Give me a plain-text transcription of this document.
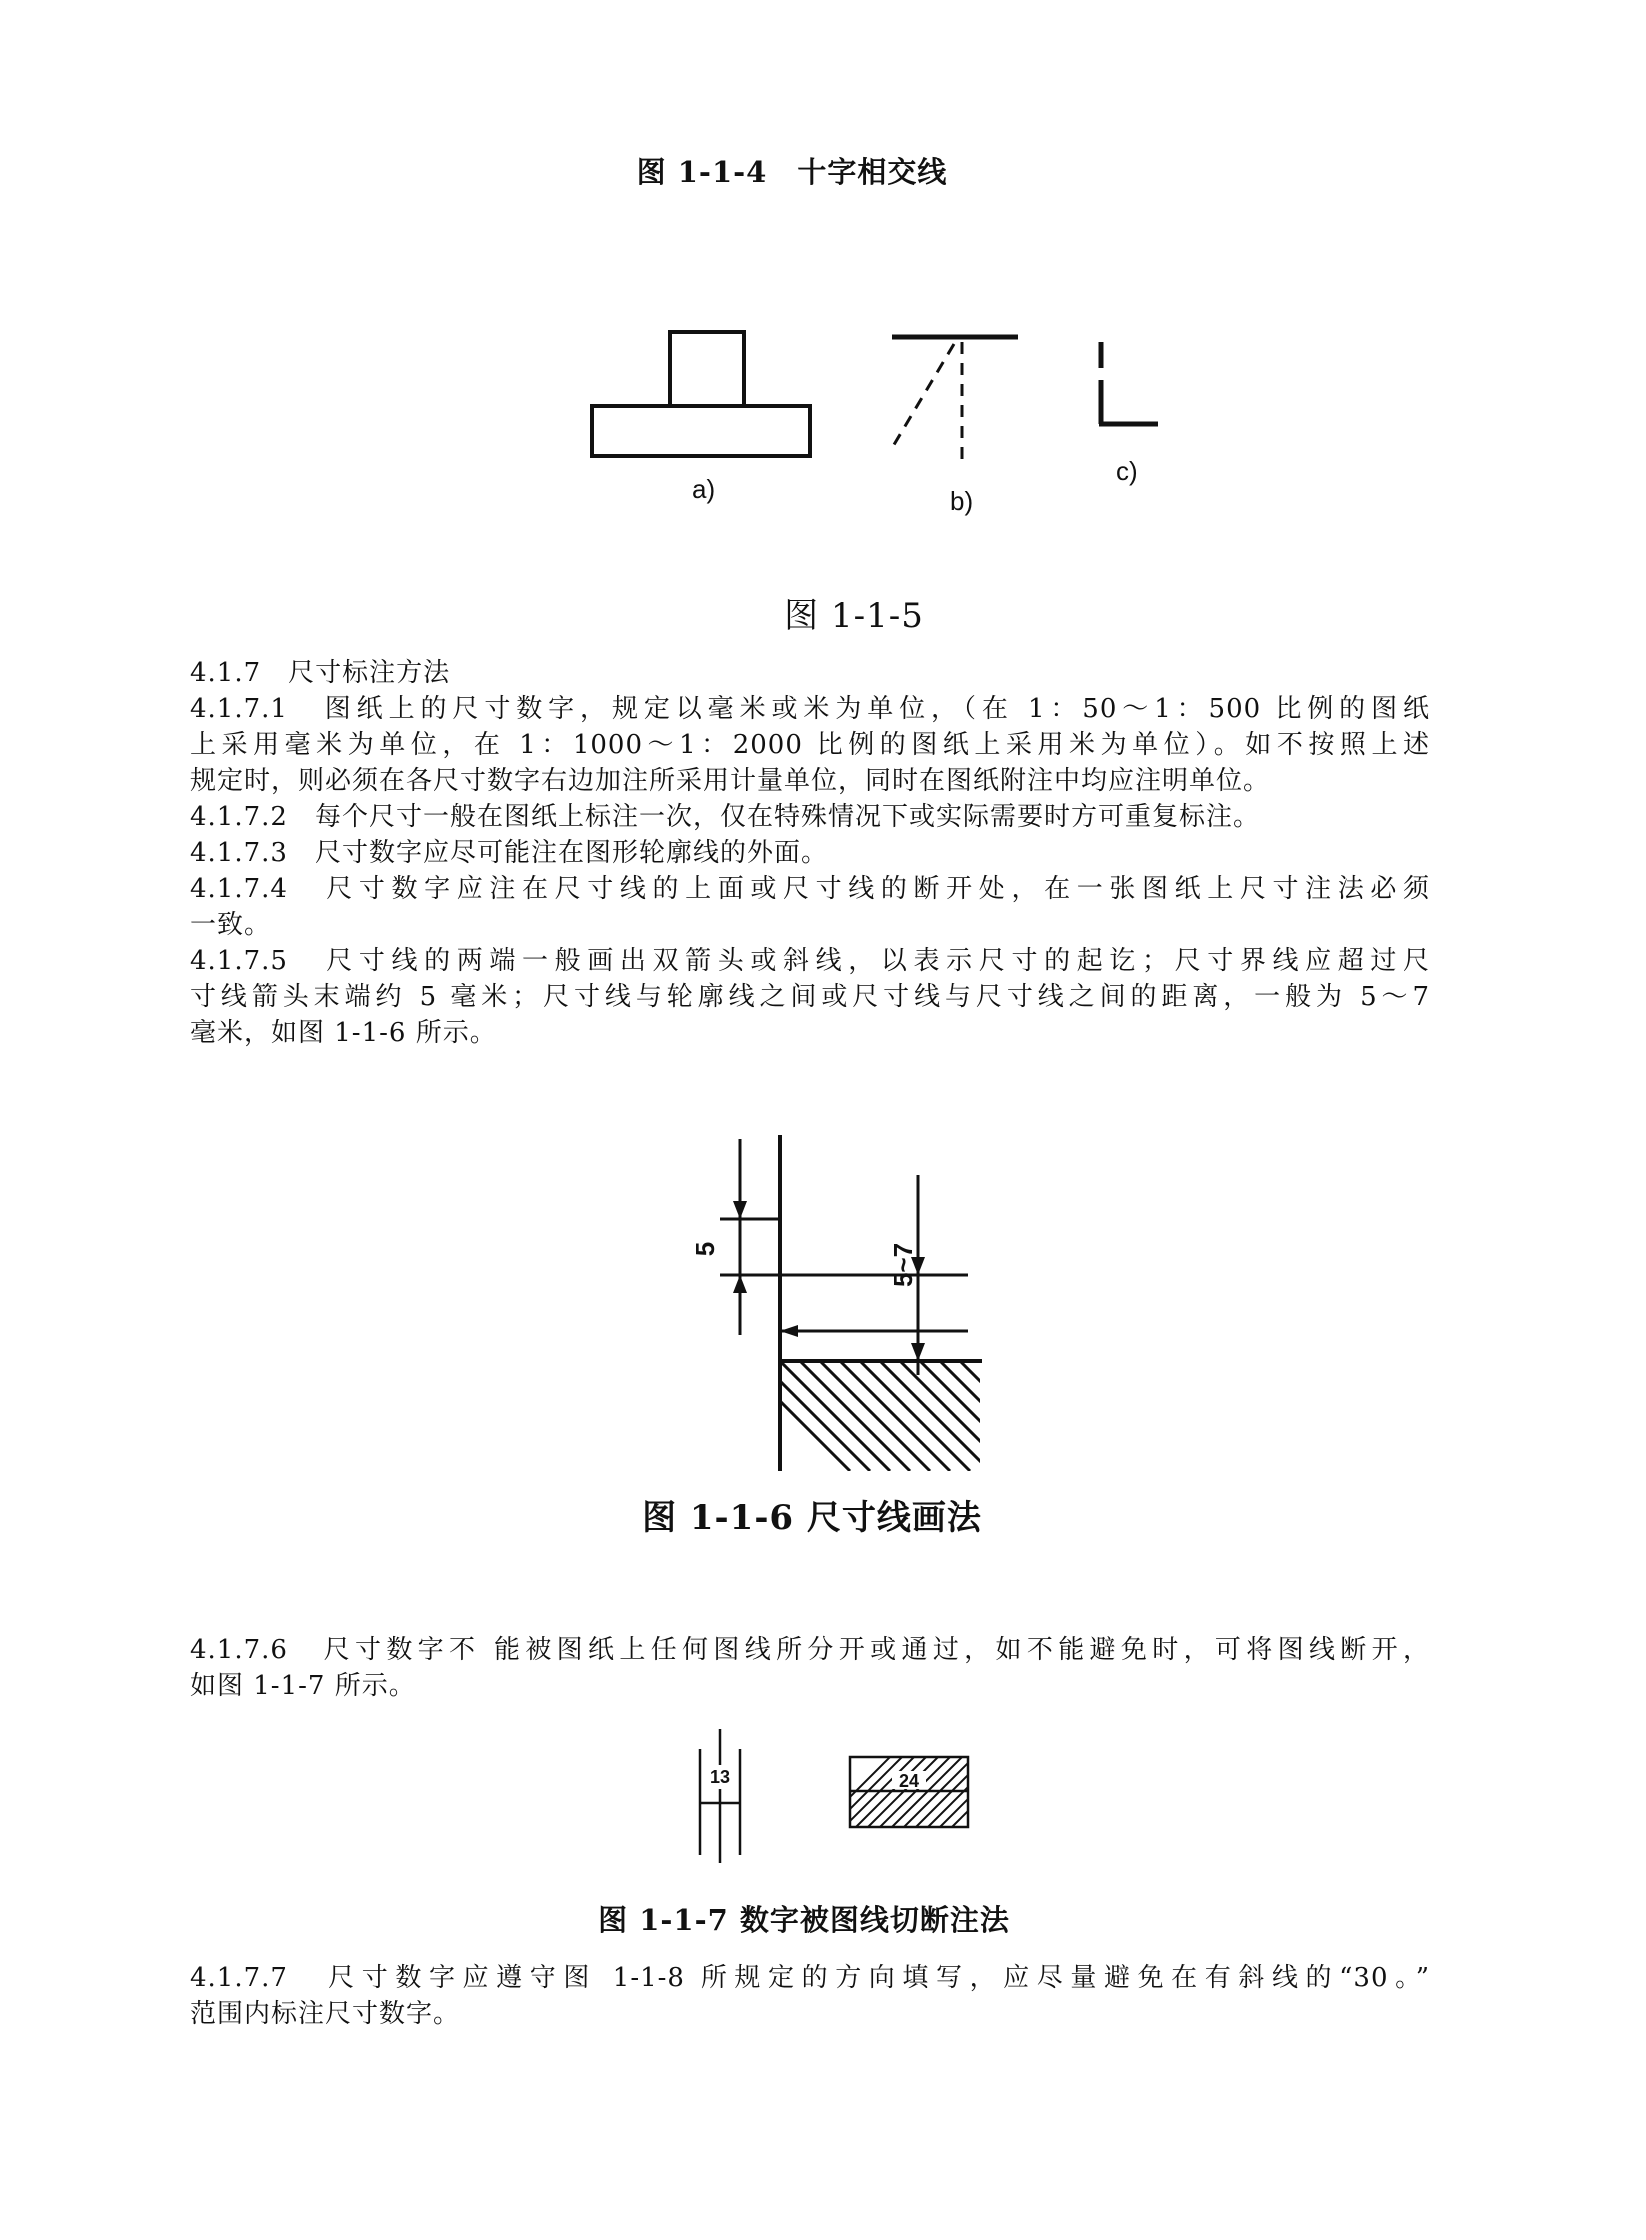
图 1-1-4　十字相交线
a)	b)
c)
图 1-1-5
4.1.7　尺寸标注方法
4.1.7.1　图纸上的尺寸数字，规定以毫米或米为单位，（在 1：50～1：500 比例的图纸
上采用毫米为单位，在 1：1000～1：2000 比例的图纸上采用米为单位）。如不按照上述
规定时，则必须在各尺寸数字右边加注所采用计量单位，同时在图纸附注中均应注明单位。
4.1.7.2　每个尺寸一般在图纸上标注一次，仅在特殊情况下或实际需要时方可重复标注。
4.1.7.3　尺寸数字应尽可能注在图形轮廓线的外面。
4.1.7.4　尺寸数字应注在尺寸线的上面或尺寸线的断开处，在一张图纸上尺寸注法必须
一致。
4.1.7.5　尺寸线的两端一般画出双箭头或斜线，以表示尺寸的起讫；尺寸界线应超过尺
寸线箭头末端约 5 毫米；尺寸线与轮廓线之间或尺寸线与尺寸线之间的距离，一般为 5～7
毫米，如图 1-1-6 所示。
5	5~7
图 1-1-6 尺寸线画法
4.1.7.6　尺寸数字不 能被图纸上任何图线所分开或通过，如不能避免时，可将图线断开，
如图 1-1-7 所示。
13	24
图 1-1-7 数字被图线切断注法
4.1.7.7　尺寸数字应遵守图 1-1-8 所规定的方向填写，应尽量避免在有斜线的“30。”
范围内标注尺寸数字。
